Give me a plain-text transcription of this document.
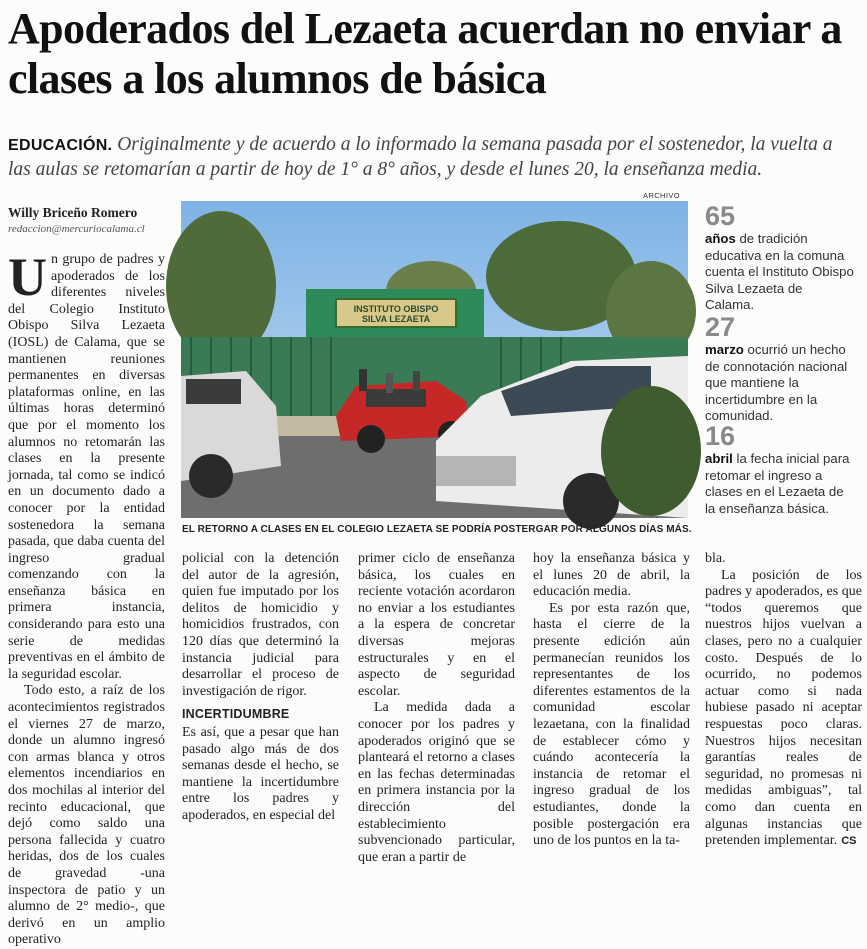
Apoderados del Lezaeta acuerdan no enviar a clases a los alumnos de básica
EDUCACIÓN. Originalmente y de acuerdo a lo informado la semana pasada por el sostenedor, la vuelta a las aulas se retomarían a partir de hoy de 1° a 8° años, y desde el lunes 20, la enseñanza media.
Willy Briceño Romero
redaccion@mercuriocalama.cl

Un grupo de padres y apoderados de los diferentes niveles del Colegio Instituto Obispo Silva Lezaeta (IOSL) de Calama, que se mantienen reuniones permanentes en diversas plataformas online, en las últimas horas determinó que por el momento los alumnos no retomarán las clases en la presente jornada, tal como se indicó en un documento dado a conocer por la entidad sostenedora la semana pasada, que daba cuenta del ingreso gradual comenzando con la enseñanza básica en primera instancia, considerando para esto una serie de medidas preventivas en el ámbito de la seguridad escolar.

Todo esto, a raíz de los acontecimientos registrados el viernes 27 de marzo, donde un alumno ingresó con armas blanca y otros elementos incendiarios en dos mochilas al interior del recinto educacional, que dejó como saldo una persona fallecida y cuatro heridas, dos de los cuales de gravedad -una inspectora de patio y un alumno de 2° medio-, que derivó en un amplio operativo

ARCHIVO
INSTITUTO OBISPO
SILVA LEZAETA
EL RETORNO A CLASES EN EL COLEGIO LEZAETA SE PODRÍA POSTERGAR POR ALGUNOS DÍAS MÁS.

policial con la detención del autor de la agresión, quien fue imputado por los delitos de homicidio y homicidios frustrados, con 120 días que determinó la instancia judicial para desarrollar el proceso de investigación de rigor.

INCERTIDUMBRE

Es así, que a pesar que han pasado algo más de dos semanas desde el hecho, se mantiene la incertidumbre entre los padres y apoderados, en especial del

primer ciclo de enseñanza básica, los cuales en reciente votación acordaron no enviar a los estudiantes a la espera de concretar diversas mejoras estructurales y en el aspecto de seguridad escolar.

La medida dada a conocer por los padres y apoderados originó que se planteará el retorno a clases en las fechas determinadas en primera instancia por la dirección del establecimiento subvencionado particular, que eran a partir de

hoy la enseñanza básica y el lunes 20 de abril, la educación media.

Es por esta razón que, hasta el cierre de la presente edición aún permanecían reunidos los representantes de los diferentes estamentos de la comunidad escolar lezaetana, con la finalidad de establecer cómo y cuándo acontecería la instancia de retomar el ingreso gradual de los estudiantes, donde la posible postergación era uno de los puntos en la ta-

bla.

La posición de los padres y apoderados, es que “todos queremos que nuestros hijos vuelvan a clases, pero no a cualquier costo. Después de lo ocurrido, no podemos actuar como si nada hubiese pasado ni aceptar respuestas poco claras. Nuestros hijos necesitan garantías reales de seguridad, no promesas ni medidas ambiguas”, tal como dan cuenta en algunas instancias que pretenden implementar. CS

65
años de tradición educativa en la comuna cuenta el Instituto Obispo Silva Lezaeta de Calama.
27
marzo ocurrió un hecho de connotación nacional que mantiene la incertidumbre en la comunidad.
16
abril la fecha inicial para retomar el ingreso a clases en el Lezaeta de la enseñanza básica.
